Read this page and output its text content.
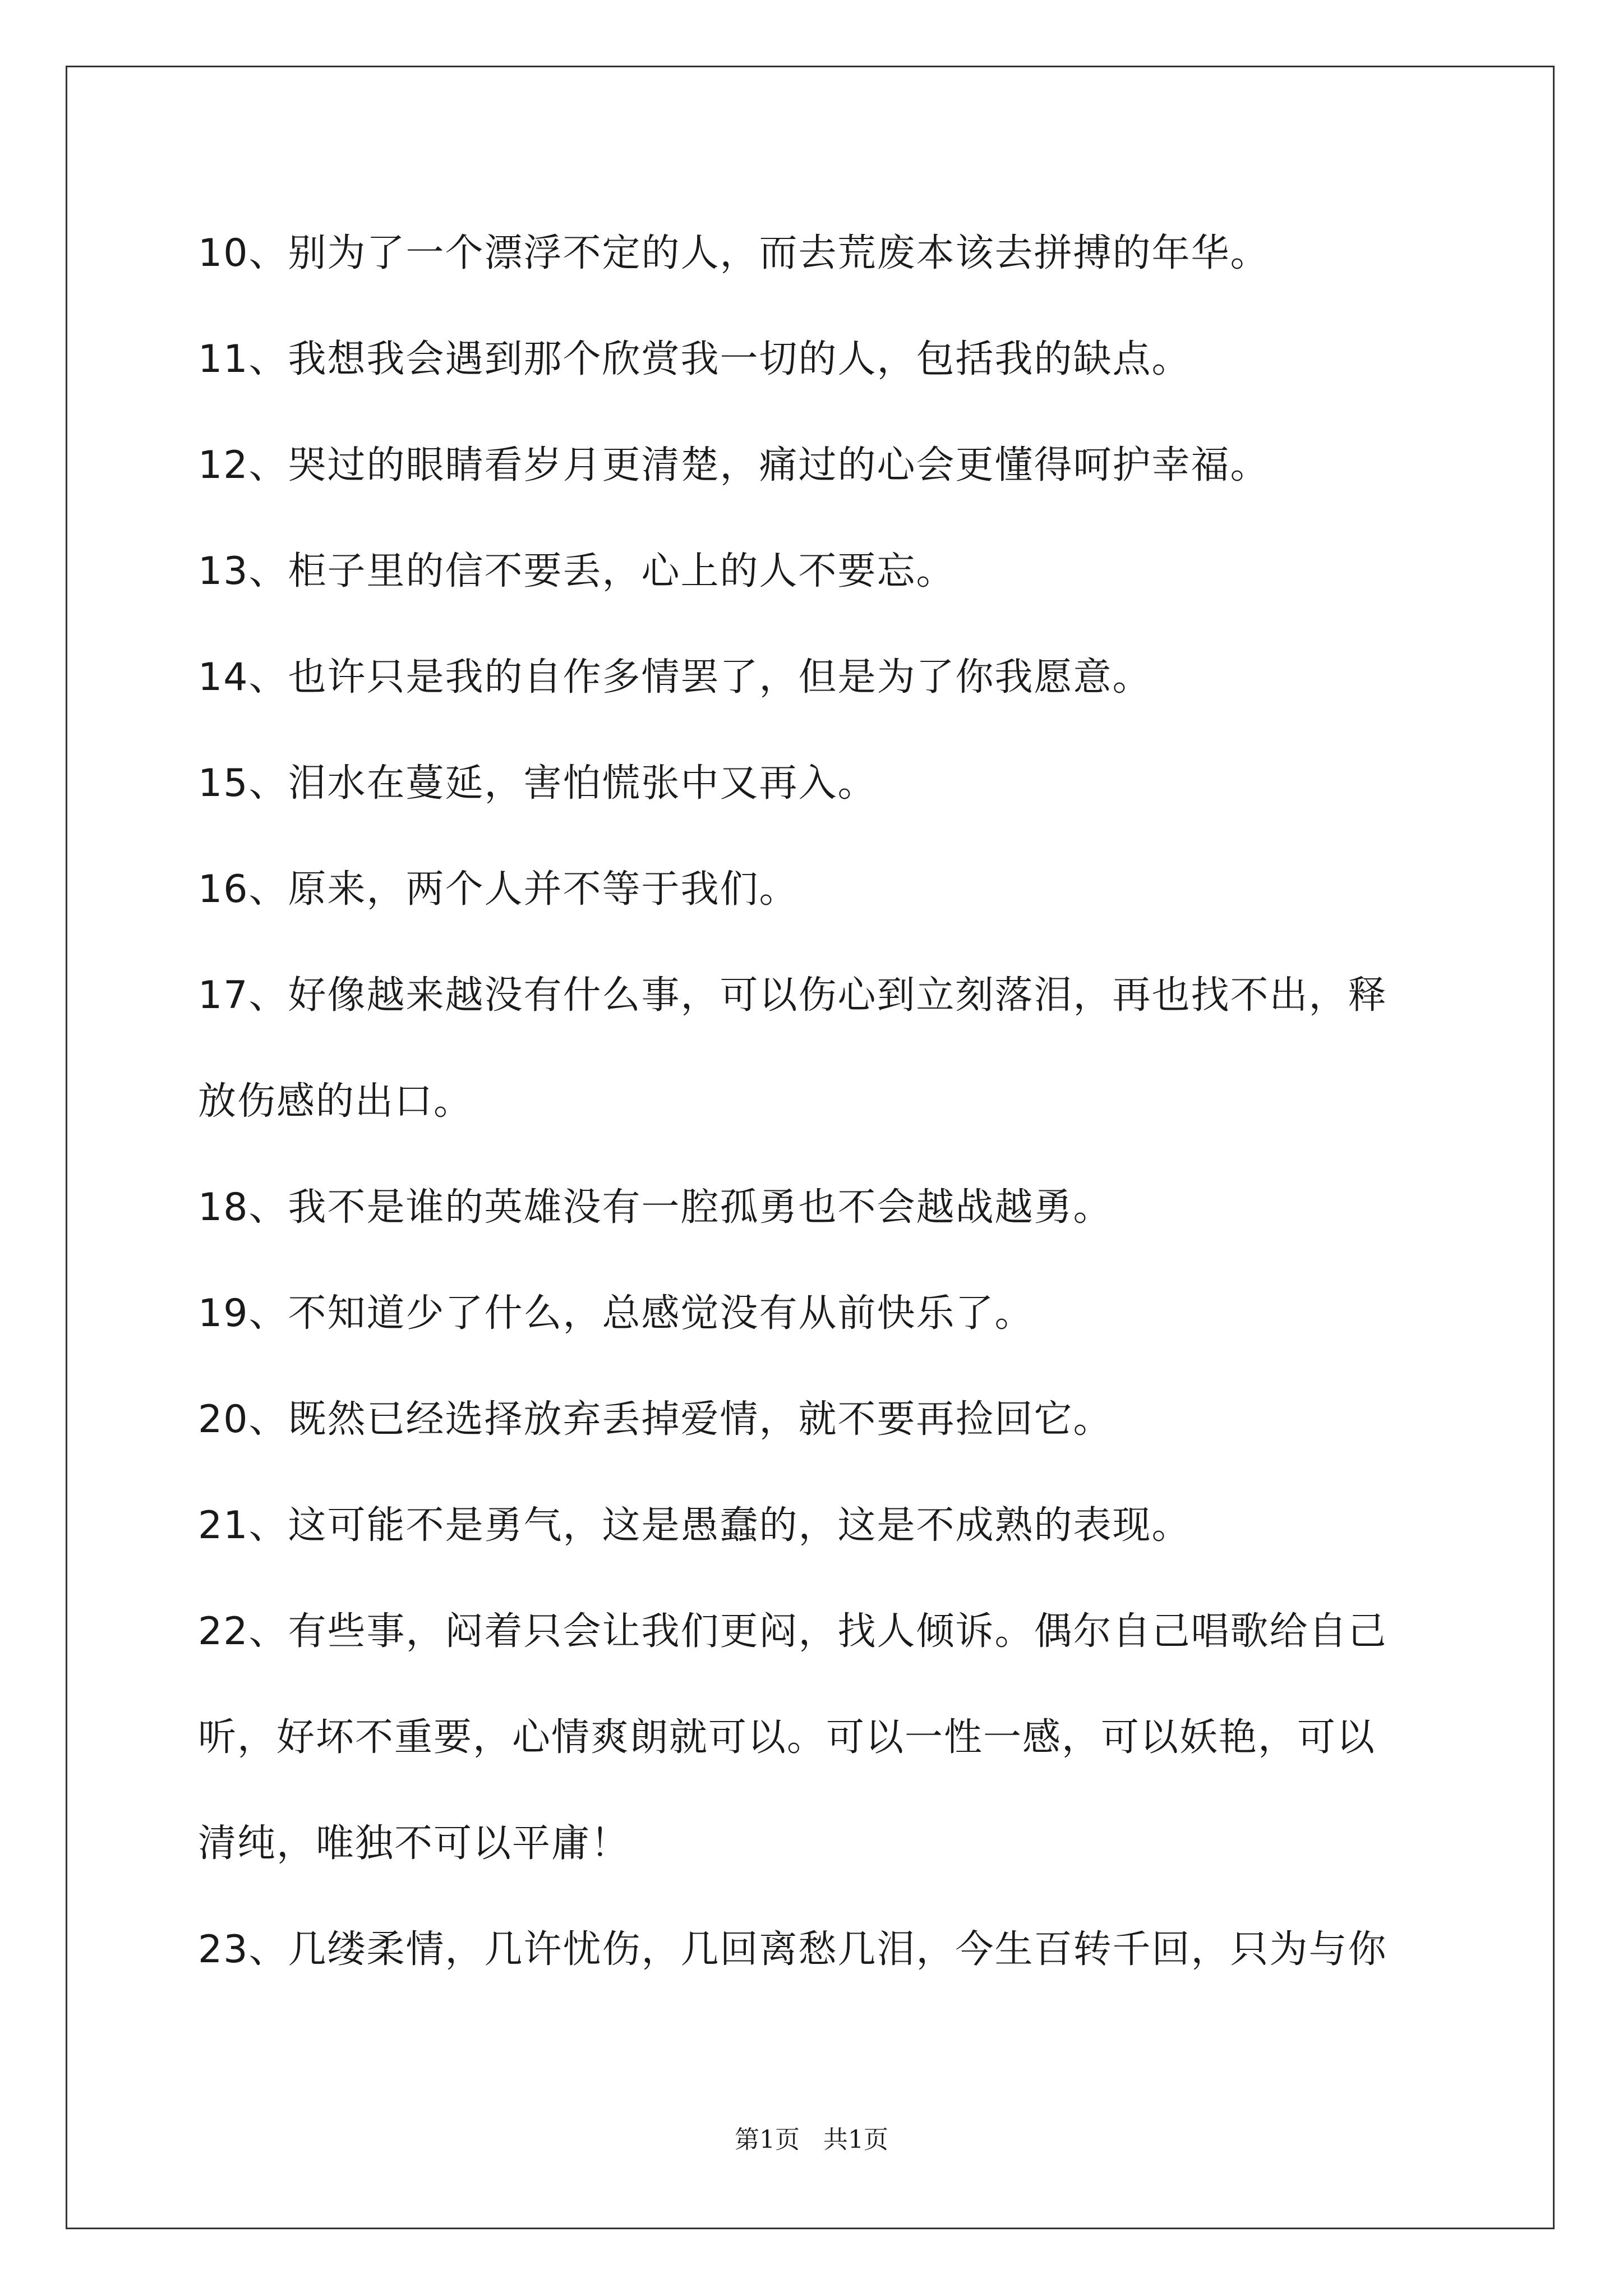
10、别为了一个漂浮不定的人，而去荒废本该去拼搏的年华。
11、我想我会遇到那个欣赏我一切的人，包括我的缺点。
12、哭过的眼睛看岁月更清楚，痛过的心会更懂得呵护幸福。
13、柜子里的信不要丢，心上的人不要忘。
14、也许只是我的自作多情罢了，但是为了你我愿意。
15、泪水在蔓延，害怕慌张中又再入。
16、原来，两个人并不等于我们。
17、好像越来越没有什么事，可以伤心到立刻落泪，再也找不出，释
放伤感的出口。
18、我不是谁的英雄没有一腔孤勇也不会越战越勇。
19、不知道少了什么，总感觉没有从前快乐了。
20、既然已经选择放弃丢掉爱情，就不要再捡回它。
21、这可能不是勇气，这是愚蠢的，这是不成熟的表现。
22、有些事，闷着只会让我们更闷，找人倾诉。偶尔自己唱歌给自己
听，好坏不重要，心情爽朗就可以。可以一性一感，可以妖艳，可以
清纯，唯独不可以平庸！
23、几缕柔情，几许忧伤，几回离愁几泪，今生百转千回，只为与你
第1页 共1页
